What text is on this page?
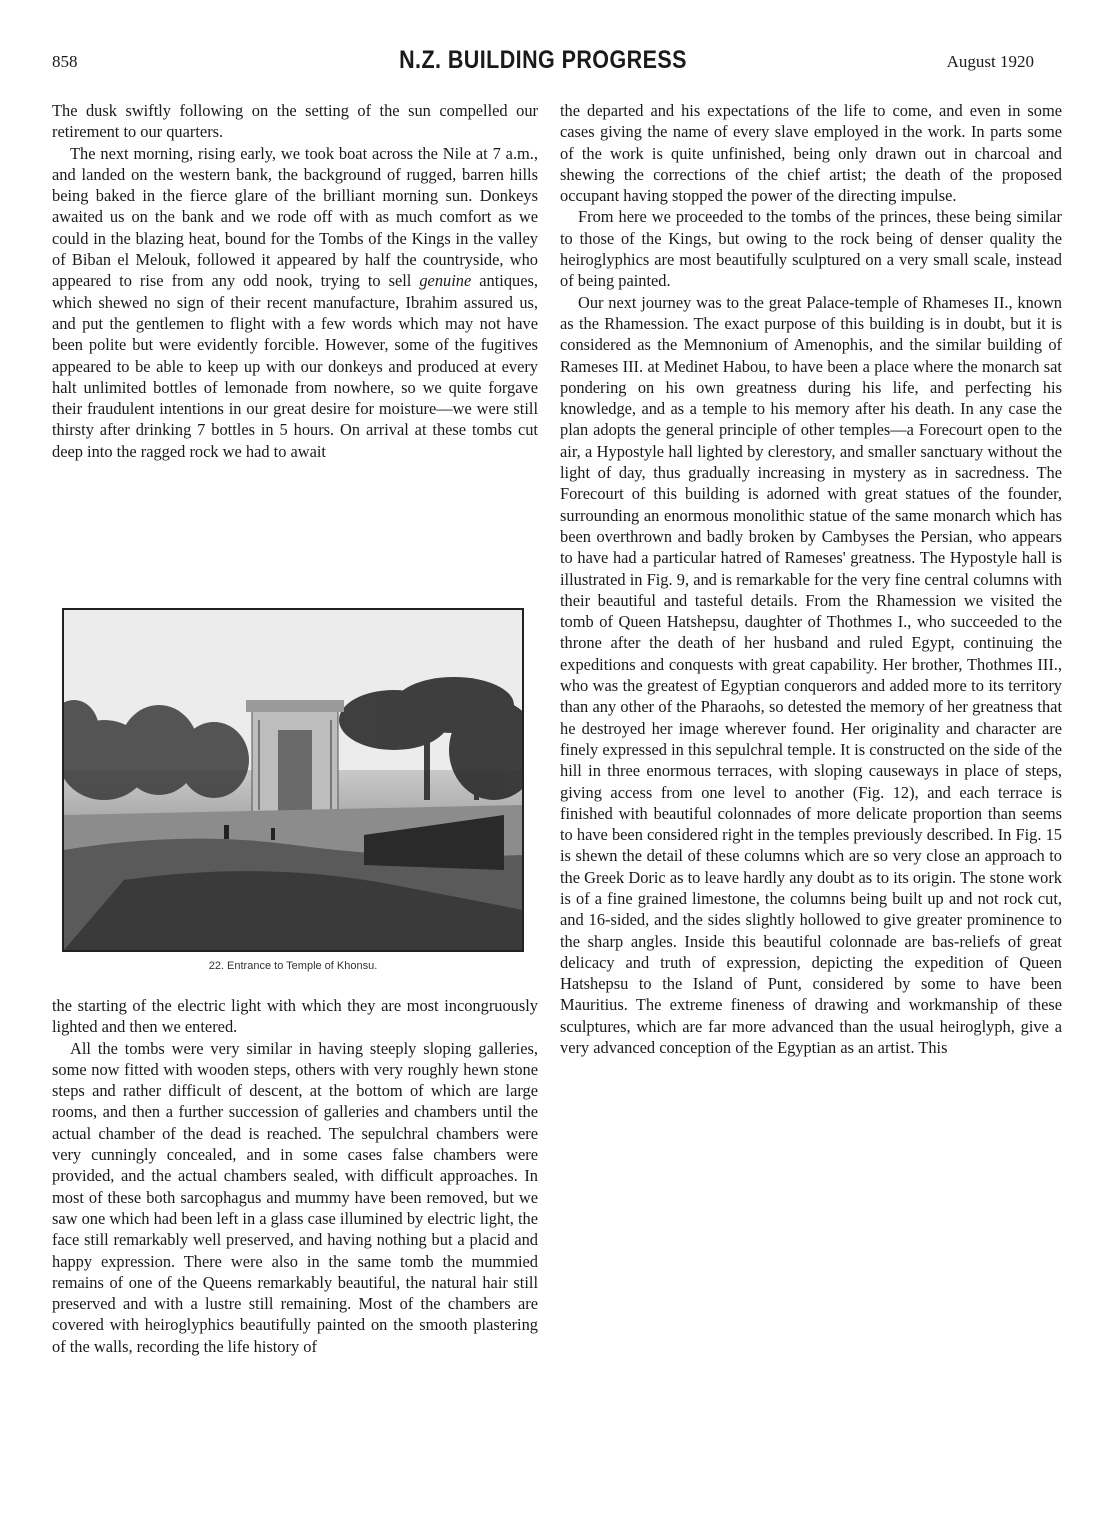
858	N.Z. BUILDING PROGRESS	August 1920

The dusk swiftly following on the setting of the sun compelled our retirement to our quarters.

The next morning, rising early, we took boat across the Nile at 7 a.m., and landed on the western bank, the background of rugged, barren hills being baked in the fierce glare of the brilliant morning sun. Donkeys awaited us on the bank and we rode off with as much comfort as we could in the blazing heat, bound for the Tombs of the Kings in the valley of Biban el Melouk, followed it appeared by half the countryside, who appeared to rise from any odd nook, trying to sell genuine antiques, which shewed no sign of their recent manufacture, Ibrahim assured us, and put the gentlemen to flight with a few words which may not have been polite but were evidently forcible. However, some of the fugitives appeared to be able to keep up with our donkeys and produced at every halt unlimited bottles of lemonade from nowhere, so we quite forgave their fraudulent intentions in our great desire for moisture—we were still thirsty after drinking 7 bottles in 5 hours. On arrival at these tombs cut deep into the ragged rock we had to await

22. Entrance to Temple of Khonsu.

the starting of the electric light with which they are most incongruously lighted and then we entered.

All the tombs were very similar in having steeply sloping galleries, some now fitted with wooden steps, others with very roughly hewn stone steps and rather difficult of descent, at the bottom of which are large rooms, and then a further succession of galleries and chambers until the actual chamber of the dead is reached. The sepulchral chambers were very cunningly concealed, and in some cases false chambers were provided, and the actual chambers sealed, with difficult approaches. In most of these both sarcophagus and mummy have been removed, but we saw one which had been left in a glass case illumined by electric light, the face still remarkably well preserved, and having nothing but a placid and happy expression. There were also in the same tomb the mummied remains of one of the Queens remarkably beautiful, the natural hair still preserved and with a lustre still remaining. Most of the chambers are covered with heiroglyphics beautifully painted on the smooth plastering of the walls, recording the life history of

the departed and his expectations of the life to come, and even in some cases giving the name of every slave employed in the work. In parts some of the work is quite unfinished, being only drawn out in charcoal and shewing the corrections of the chief artist; the death of the proposed occupant having stopped the power of the directing impulse.

From here we proceeded to the tombs of the princes, these being similar to those of the Kings, but owing to the rock being of denser quality the heiroglyphics are most beautifully sculptured on a very small scale, instead of being painted.

Our next journey was to the great Palace-temple of Rhameses II., known as the Rhamession. The exact purpose of this building is in doubt, but it is considered as the Memnonium of Amenophis, and the similar building of Rameses III. at Medinet Habou, to have been a place where the monarch sat pondering on his own greatness during his life, and perfecting his knowledge, and as a temple to his memory after his death. In any case the plan adopts the general principle of other temples—a Forecourt open to the air, a Hypostyle hall lighted by clerestory, and smaller sanctuary without the light of day, thus gradually increasing in mystery as in sacredness. The Forecourt of this building is adorned with great statues of the founder, surrounding an enormous monolithic statue of the same monarch which has been overthrown and badly broken by Cambyses the Persian, who appears to have had a particular hatred of Rameses' greatness. The Hypostyle hall is illustrated in Fig. 9, and is remarkable for the very fine central columns with their beautiful and tasteful details. From the Rhamession we visited the tomb of Queen Hatshepsu, daughter of Thothmes I., who succeeded to the throne after the death of her husband and ruled Egypt, continuing the expeditions and conquests with great capability. Her brother, Thothmes III., who was the greatest of Egyptian conquerors and added more to its territory than any other of the Pharaohs, so detested the memory of her greatness that he destroyed her image wherever found. Her originality and character are finely expressed in this sepulchral temple. It is constructed on the side of the hill in three enormous terraces, with sloping causeways in place of steps, giving access from one level to another (Fig. 12), and each terrace is finished with beautiful colonnades of more delicate proportion than seems to have been considered right in the temples previously described. In Fig. 15 is shewn the detail of these columns which are so very close an approach to the Greek Doric as to leave hardly any doubt as to its origin. The stone work is of a fine grained limestone, the columns being built up and not rock cut, and 16-sided, and the sides slightly hollowed to give greater prominence to the sharp angles. Inside this beautiful colonnade are bas-reliefs of great delicacy and truth of expression, depicting the expedition of Queen Hatshepsu to the Island of Punt, considered by some to have been Mauritius. The extreme fineness of drawing and workmanship of these sculptures, which are far more advanced than the usual heiroglyph, give a very advanced conception of the Egyptian as an artist. This
